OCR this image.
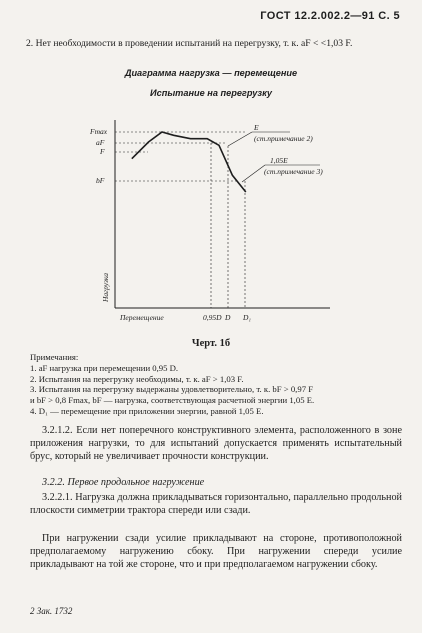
ГОСТ 12.2.002.2—91 С. 5
2. Нет необходимости в проведении испытаний на перегрузку, т. к. aF < <1,03 F.
Диаграмма нагрузка — перемещение
Испытание на перегрузку
Fmax
aF
F
bF
E
(ст.примечание 2)
1,05E
(ст.примечание 3)
Нагрузка
Перемещение	0,95D D D₁
Черт. 1б
Примечания:
1. aF нагрузка при перемещении 0,95 D.
2. Испытания на перегрузку необходимы, т. к. aF > 1,03 F.
3. Испытания на перегрузку выдержаны удовлетворительно, т. к. bF > 0,97 F
и bF > 0,8 Fmax, bF — нагрузка, соответствующая расчетной энергии 1,05 E.
4. D₁ — перемещение при приложении энергии, равной 1,05 E.
3.2.1.2. Если нет поперечного конструктивного элемента, расположенного в зоне приложения нагрузки, то для испытаний допускается применять испытательный брус, который не увеличивает прочности конструкции.
3.2.2. Первое продольное нагружение
3.2.2.1. Нагрузка должна прикладываться горизонтально, параллельно продольной плоскости симметрии трактора спереди или сзади.
При нагружении сзади усилие прикладывают на стороне, противоположной предполагаемому нагружению сбоку. При нагружении спереди усилие прикладывают на той же стороне, что и при предполагаемом нагружении сбоку.
2 Зак. 1732
